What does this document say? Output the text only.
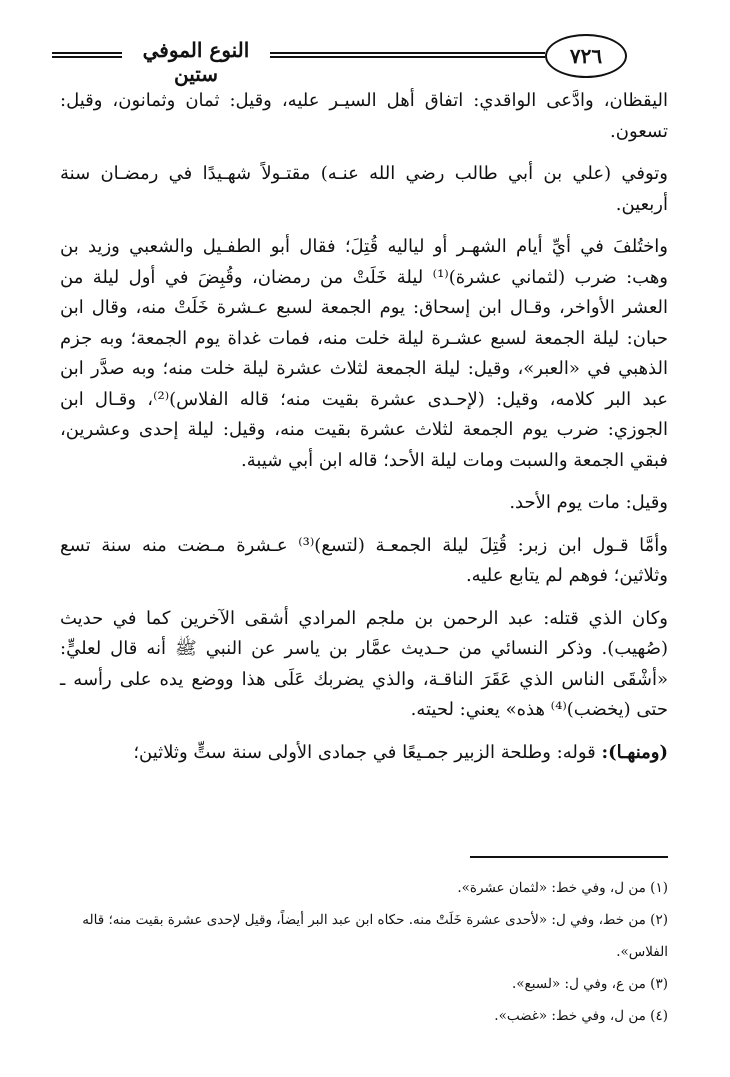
النوع الموفي ستين
٧٢٦

اليقظان، وادَّعى الواقدي: اتفاق أهل السيـر عليه، وقيل: ثمان وثمانون، وقيل: تسعون.

وتوفي (علي بن أبي طالب رضي الله عنـه) مقتـولاً شهـيدًا في رمضـان سنة أربعين.

واختُلفَ في أيِّ أيام الشهـر أو لياليه قُتِلَ؛ فقال أبو الطفـيل والشعبي وزيد بن وهب: ضرب (لثماني عشرة)⁽¹⁾ ليلة خَلَتْ من رمضان، وقُبِضَ في أول ليلة من العشر الأواخر، وقـال ابن إسحاق: يوم الجمعة لسبع عـشرة خَلَتْ منه، وقال ابن حبان: ليلة الجمعة لسبع عشـرة ليلة خلت منه، فمات غداة يوم الجمعة؛ وبه جزم الذهبي في «العبر»، وقيل: ليلة الجمعة لثلاث عشرة ليلة خلت منه؛ وبه صدَّر ابن عبد البر كلامه، وقيل: (لإحـدى عشرة بقيت منه؛ قاله الفلاس)⁽²⁾، وقـال ابن الجوزي: ضرب يوم الجمعة لثلاث عشرة بقيت منه، وقيل: ليلة إحدى وعشرين، فبقي الجمعة والسبت ومات ليلة الأحد؛ قاله ابن أبي شيبة.

وقيل: مات يوم الأحد.

وأمَّا قـول ابن زبر: قُتِلَ ليلة الجمعـة (لتسع)⁽³⁾ عـشرة مـضت منه سنة تسع وثلاثين؛ فوهم لم يتابع عليه.

وكان الذي قتله: عبد الرحمن بن ملجم المرادي أشقى الآخرين كما في حديث (صُهيب). وذكر النسائي من حـديث عمَّار بن ياسر عن النبي ﷺ أنه قال لعليٍّ: «أشْقَى الناس الذي عَقَرَ الناقـة، والذي يضربك عَلَى هذا ووضع يده على رأسه ـ حتى (يخضب)⁽⁴⁾ هذه» يعني: لحيته.

(ومنهـا): قوله: وطلحة الزبير جمـيعًا في جمادى الأولى سنة ستٍّ وثلاثين؛

(١) من ل، وفي خط: «لثمان عشرة».

(٢) من خط، وفي ل: «لأحدى عشرة خَلَتْ منه. حكاه ابن عبد البر أيضاً، وقيل لإحدى عشرة بقيت منه؛ قاله الفلاس».

(٣) من ع، وفي ل: «لسبع».

(٤) من ل، وفي خط: «غضب».
